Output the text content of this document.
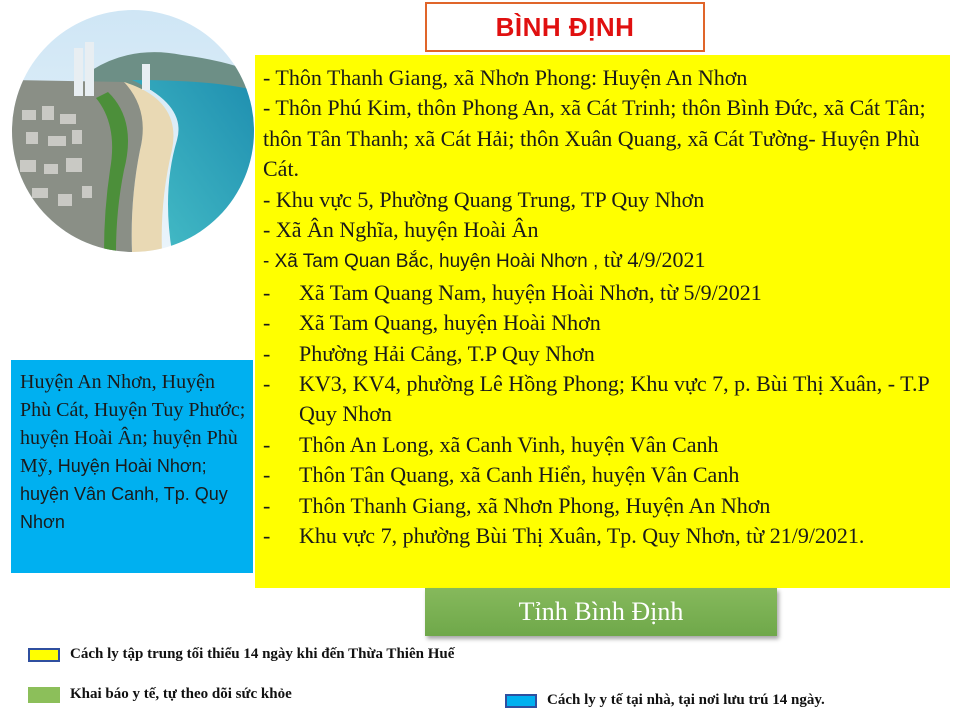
BÌNH ĐỊNH

- Thôn Thanh Giang, xã Nhơn Phong: Huyện An Nhơn

- Thôn Phú Kim, thôn Phong An, xã Cát Trinh; thôn Bình Đức, xã Cát Tân; thôn Tân Thanh; xã Cát Hải; thôn Xuân Quang, xã Cát Tường- Huyện Phù Cát.

- Khu vực 5, Phường Quang Trung, TP Quy Nhơn

- Xã Ân Nghĩa, huyện Hoài Ân

- Xã Tam Quan Bắc, huyện Hoài Nhơn , từ 4/9/2021

-	Xã Tam Quang Nam, huyện Hoài Nhơn, từ 5/9/2021
-	Xã Tam Quang, huyện Hoài Nhơn
-	Phường Hải Cảng, T.P Quy Nhơn
-	KV3, KV4, phường Lê Hồng Phong; Khu vực 7, p. Bùi Thị Xuân, - T.P Quy Nhơn
-	Thôn An Long, xã Canh Vinh, huyện Vân Canh
-	Thôn Tân Quang, xã Canh Hiển, huyện Vân Canh
-	Thôn Thanh Giang, xã Nhơn Phong, Huyện An Nhơn
-	Khu vực 7, phường Bùi Thị Xuân, Tp. Quy Nhơn, từ 21/9/2021.
Huyện An Nhơn, Huyện Phù Cát, Huyện Tuy Phước; huyện Hoài Ân; huyện Phù Mỹ, Huyện Hoài Nhơn; huyện Vân Canh, Tp. Quy Nhơn
Tỉnh Bình Định
Cách ly tập trung tối thiểu 14 ngày khi đến Thừa Thiên Huế
Khai báo y tế, tự theo dõi sức khỏe	Cách ly y tế tại nhà, tại nơi lưu trú 14 ngày.
